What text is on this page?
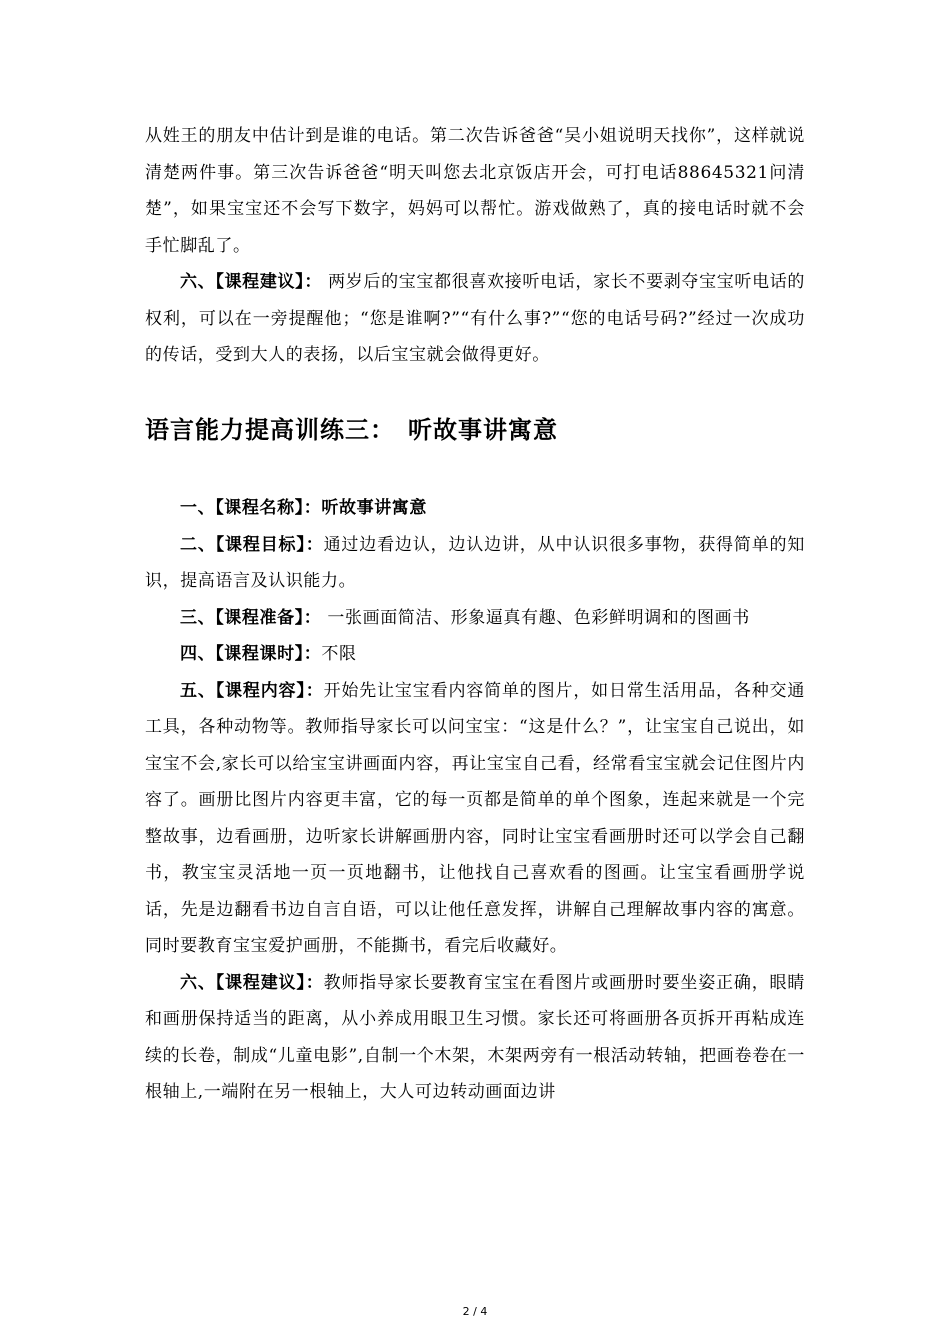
从姓王的朋友中估计到是谁的电话。第二次告诉爸爸“吴小姐说明天找你”，这样就说清楚两件事。第三次告诉爸爸“明天叫您去北京饭店开会，可打电话88645321问清楚”，如果宝宝还不会写下数字，妈妈可以帮忙。游戏做熟了，真的接电话时就不会手忙脚乱了。

六、【课程建议】： 两岁后的宝宝都很喜欢接听电话，家长不要剥夺宝宝听电话的权利，可以在一旁提醒他；“您是谁啊?”“有什么事?”“您的电话号码?”经过一次成功的传话，受到大人的表扬，以后宝宝就会做得更好。

语言能力提高训练三：　听故事讲寓意

一、【课程名称】：听故事讲寓意

二、【课程目标】：通过边看边认，边认边讲，从中认识很多事物，获得简单的知识，提高语言及认识能力。

三、【课程准备】： 一张画面简洁、形象逼真有趣、色彩鲜明调和的图画书

四、【课程课时】：不限

五、【课程内容】：开始先让宝宝看内容简单的图片，如日常生活用品，各种交通工具，各种动物等。教师指导家长可以问宝宝：“这是什么？”，让宝宝自己说出，如宝宝不会,家长可以给宝宝讲画面内容，再让宝宝自己看，经常看宝宝就会记住图片内容了。画册比图片内容更丰富，它的每一页都是简单的单个图象，连起来就是一个完整故事，边看画册，边听家长讲解画册内容，同时让宝宝看画册时还可以学会自己翻书，教宝宝灵活地一页一页地翻书，让他找自己喜欢看的图画。让宝宝看画册学说话，先是边翻看书边自言自语，可以让他任意发挥，讲解自己理解故事内容的寓意。同时要教育宝宝爱护画册，不能撕书，看完后收藏好。

六、【课程建议】：教师指导家长要教育宝宝在看图片或画册时要坐姿正确，眼睛和画册保持适当的距离，从小养成用眼卫生习惯。家长还可将画册各页拆开再粘成连续的长卷，制成“儿童电影”,自制一个木架，木架两旁有一根活动转轴，把画卷卷在一根轴上,一端附在另一根轴上，大人可边转动画面边讲

2 / 4
